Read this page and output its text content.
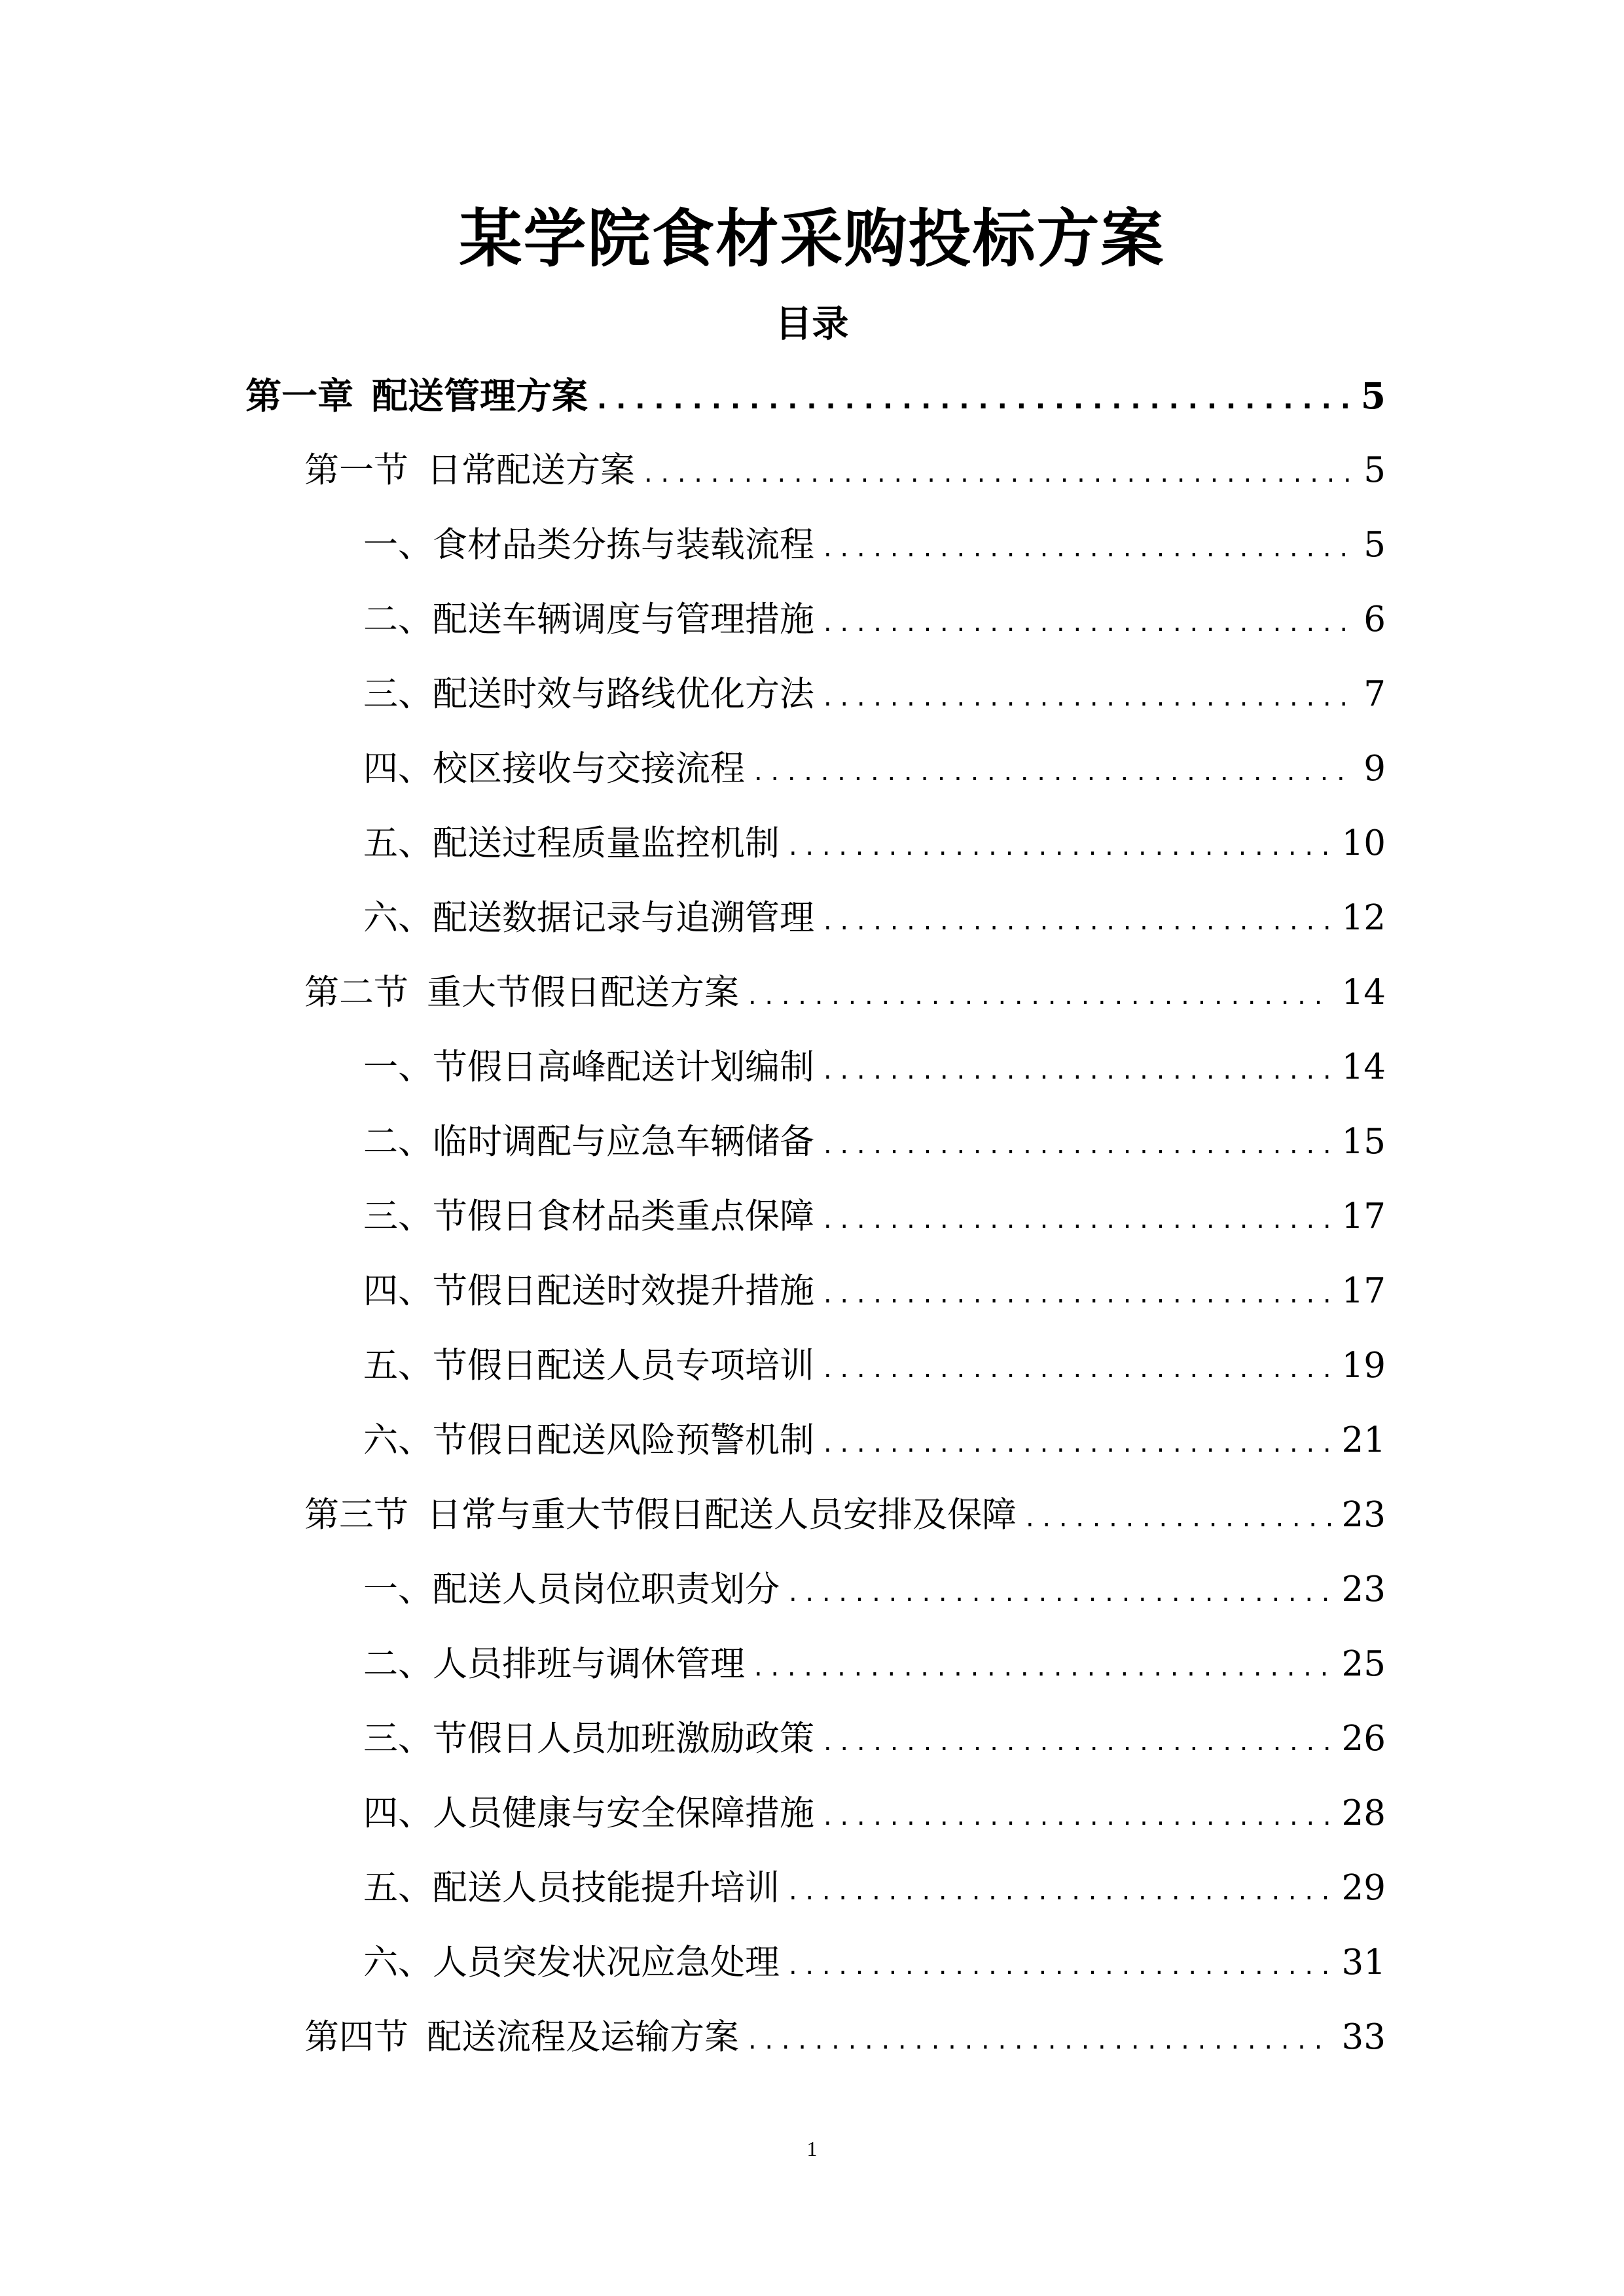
某学院食材采购投标方案
目录
第一章 配送管理方案 . . .	5
第一节 日常配送方案 . . .	5
一、 食材品类分拣与装载流程 . . .	5
二、 配送车辆调度与管理措施 . . .	6
三、 配送时效与路线优化方法 . . .	7
四、 校区接收与交接流程 . . .	9
五、 配送过程质量监控机制 . . .	10
六、 配送数据记录与追溯管理 . . .	12
第二节 重大节假日配送方案 . . .	14
一、 节假日高峰配送计划编制 . . .	14
二、 临时调配与应急车辆储备 . . .	15
三、 节假日食材品类重点保障 . . .	17
四、 节假日配送时效提升措施 . . .	17
五、 节假日配送人员专项培训 . . .	19
六、 节假日配送风险预警机制 . . .	21
第三节 日常与重大节假日配送人员安排及保障 . . .	23
一、 配送人员岗位职责划分 . . .	23
二、 人员排班与调休管理 . . .	25
三、 节假日人员加班激励政策 . . .	26
四、 人员健康与安全保障措施 . . .	28
五、 配送人员技能提升培训 . . .	29
六、 人员突发状况应急处理 . . .	31
第四节 配送流程及运输方案 . . .	33
1
